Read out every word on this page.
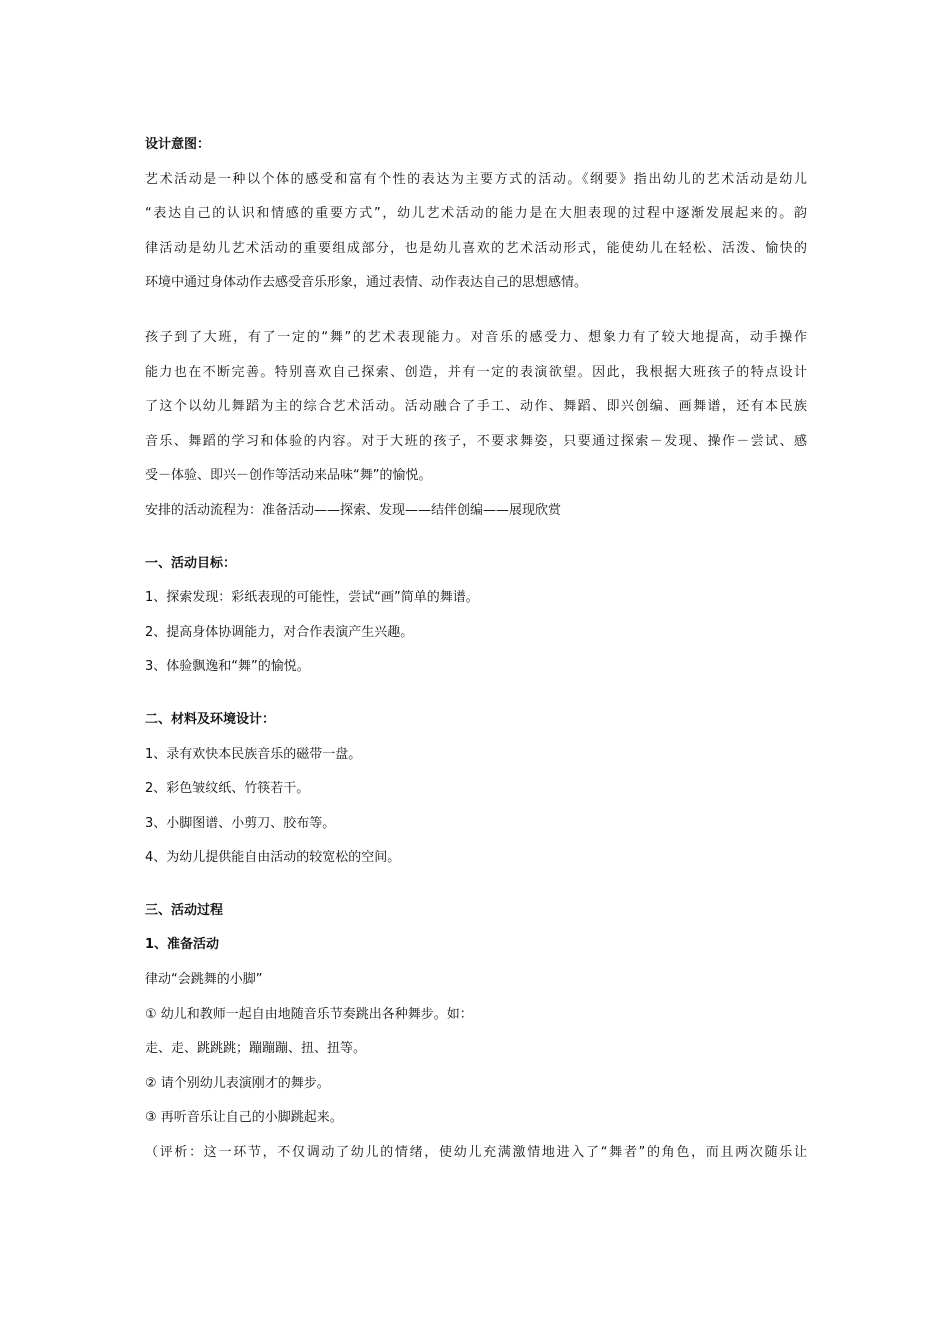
设计意图：
艺术活动是一种以个体的感受和富有个性的表达为主要方式的活动。《纲要》指出幼儿的艺术活动是幼儿
“表达自己的认识和情感的重要方式”，幼儿艺术活动的能力是在大胆表现的过程中逐渐发展起来的。韵
律活动是幼儿艺术活动的重要组成部分，也是幼儿喜欢的艺术活动形式，能使幼儿在轻松、活泼、愉快的
环境中通过身体动作去感受音乐形象，通过表情、动作表达自己的思想感情。
孩子到了大班，有了一定的“舞”的艺术表现能力。对音乐的感受力、想象力有了较大地提高，动手操作
能力也在不断完善。特别喜欢自己探索、创造，并有一定的表演欲望。因此，我根据大班孩子的特点设计
了这个以幼儿舞蹈为主的综合艺术活动。活动融合了手工、动作、舞蹈、即兴创编、画舞谱，还有本民族
音乐、舞蹈的学习和体验的内容。对于大班的孩子，不要求舞姿，只要通过探索－发现、操作－尝试、感
受－体验、即兴－创作等活动来品味“舞”的愉悦。
安排的活动流程为：准备活动——探索、发现——结伴创编——展现欣赏
一、活动目标：
1、探索发现：彩纸表现的可能性，尝试“画”简单的舞谱。
2、提高身体协调能力，对合作表演产生兴趣。
3、体验飘逸和“舞”的愉悦。
二、材料及环境设计：
1、录有欢快本民族音乐的磁带一盘。
2、彩色皱纹纸、竹筷若干。
3、小脚图谱、小剪刀、胶布等。
4、为幼儿提供能自由活动的较宽松的空间。
三、活动过程
1、准备活动
律动“会跳舞的小脚”
① 幼儿和教师一起自由地随音乐节奏跳出各种舞步。如：
走、走、跳跳跳；蹦蹦蹦、扭、扭等。
② 请个别幼儿表演刚才的舞步。
③ 再听音乐让自己的小脚跳起来。
（评析：这一环节，不仅调动了幼儿的情绪，使幼儿充满激情地进入了“舞者”的角色，而且两次随乐让
